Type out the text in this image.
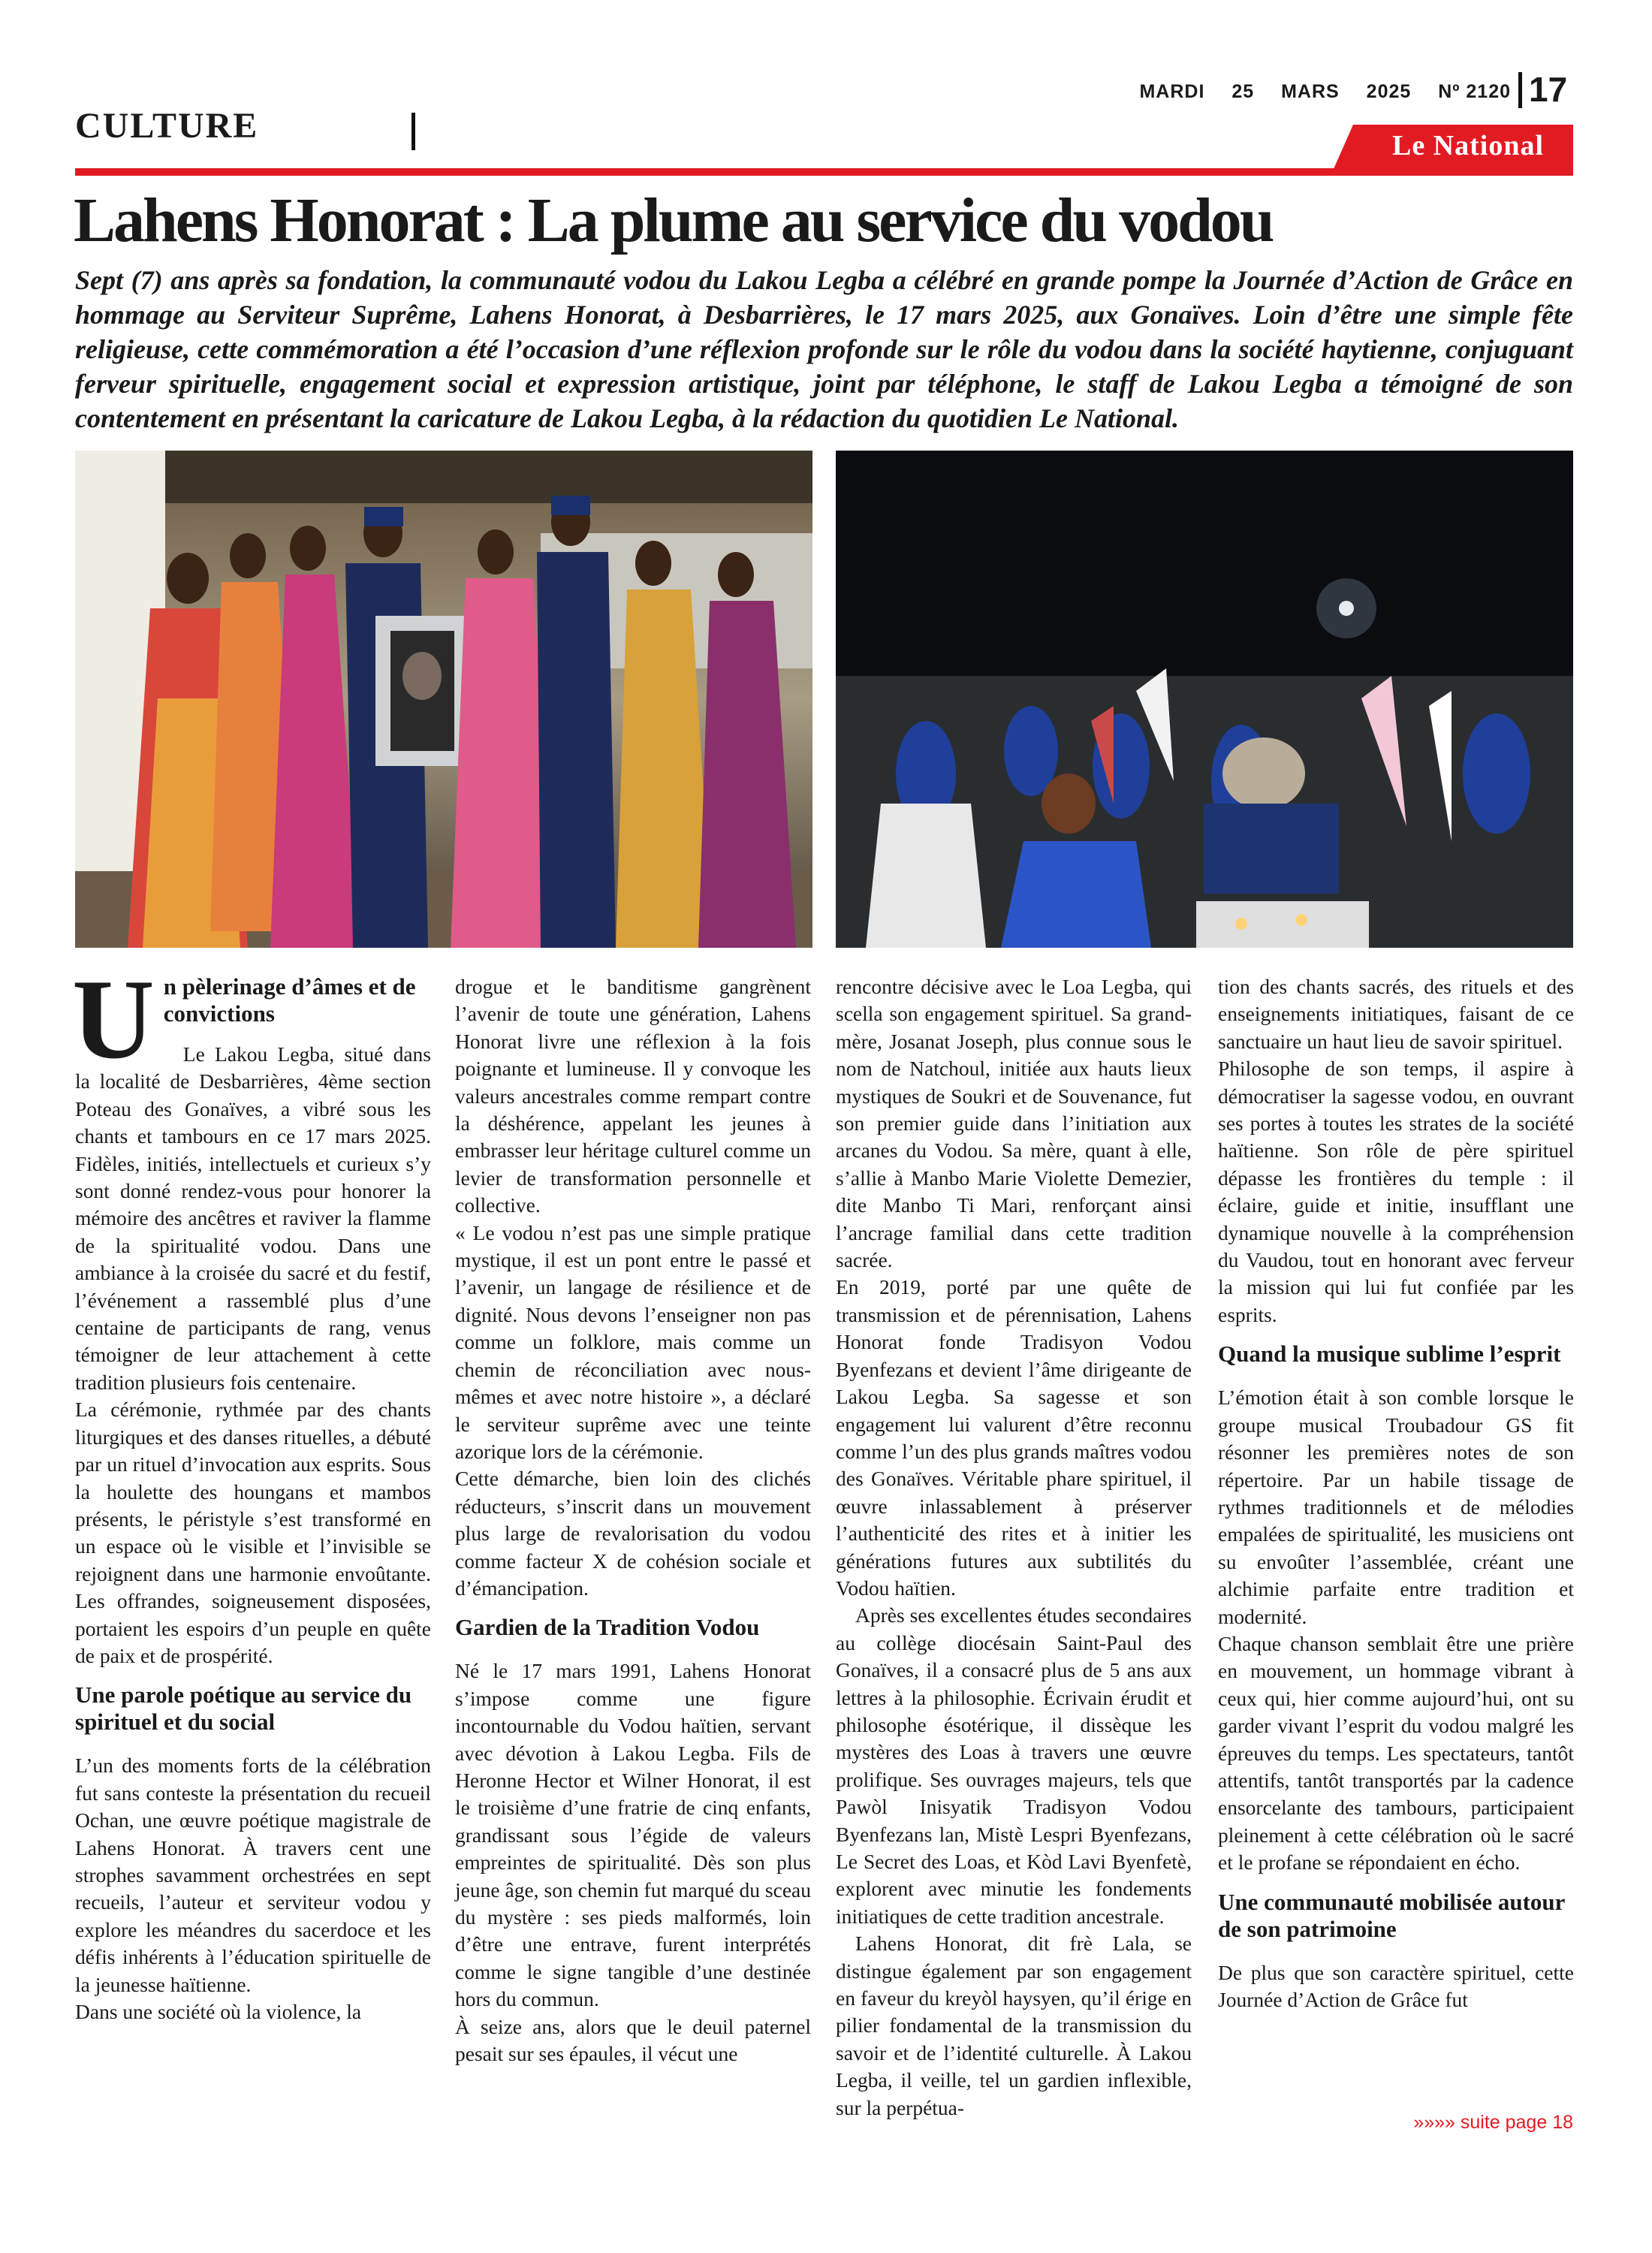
MARDI 25 MARS 2025 Nº 2120 17
CULTURE	Le National
Lahens Honorat : La plume au service du vodou
Sept (7) ans après sa fondation, la communauté vodou du Lakou Legba a célébré en grande pompe la Journée d’Action de Grâce en hommage au Serviteur Suprême, Lahens Honorat, à Desbarrières, le 17 mars 2025, aux Gonaïves. Loin d’être une simple fête religieuse, cette commémoration a été l’occasion d’une réflexion profonde sur le rôle du vodou dans la société haytienne, conjuguant ferveur spirituelle, engagement social et expression artistique, joint par téléphone, le staff de Lakou Legba a témoigné de son contentement en présentant la caricature de Lakou Legba, à la rédaction du quotidien Le National.
U n pèlerinage d’âmes et de convictions

Le Lakou Legba, situé dans la localité de Desbarrières, 4ème section Poteau des Gonaïves, a vibré sous les chants et tambours en ce 17 mars 2025. Fidèles, initiés, intellectuels et curieux s’y sont donné rendez-vous pour honorer la mémoire des ancêtres et raviver la flamme de la spiritualité vodou. Dans une ambiance à la croisée du sacré et du festif, l’événement a rassemblé plus d’une centaine de participants de rang, venus témoigner de leur attachement à cette tradition plusieurs fois centenaire.

La cérémonie, rythmée par des chants liturgiques et des danses rituelles, a débuté par un rituel d’invocation aux esprits. Sous la houlette des houngans et mambos présents, le péristyle s’est transformé en un espace où le visible et l’invisible se rejoignent dans une harmonie envoûtante. Les offrandes, soigneusement disposées, portaient les espoirs d’un peuple en quête de paix et de prospérité.

Une parole poétique au service du spirituel et du social

L’un des moments forts de la célébration fut sans conteste la présentation du recueil Ochan, une œuvre poétique magistrale de Lahens Honorat. À travers cent une strophes savamment orchestrées en sept recueils, l’auteur et serviteur vodou y explore les méandres du sacerdoce et les défis inhérents à l’éducation spirituelle de la jeunesse haïtienne.

Dans une société où la violence, la

drogue et le banditisme gangrènent l’avenir de toute une génération, Lahens Honorat livre une réflexion à la fois poignante et lumineuse. Il y convoque les valeurs ancestrales comme rempart contre la déshérence, appelant les jeunes à embrasser leur héritage culturel comme un levier de transformation personnelle et collective.

« Le vodou n’est pas une simple pratique mystique, il est un pont entre le passé et l’avenir, un langage de résilience et de dignité. Nous devons l’enseigner non pas comme un folklore, mais comme un chemin de réconciliation avec nous-mêmes et avec notre histoire », a déclaré le serviteur suprême avec une teinte azorique lors de la cérémonie.

Cette démarche, bien loin des clichés réducteurs, s’inscrit dans un mouvement plus large de revalorisation du vodou comme facteur X de cohésion sociale et d’émancipation.

Gardien de la Tradition Vodou

Né le 17 mars 1991, Lahens Honorat s’impose comme une figure incontournable du Vodou haïtien, servant avec dévotion à Lakou Legba. Fils de Heronne Hector et Wilner Honorat, il est le troisième d’une fratrie de cinq enfants, grandissant sous l’égide de valeurs empreintes de spiritualité. Dès son plus jeune âge, son chemin fut marqué du sceau du mystère : ses pieds malformés, loin d’être une entrave, furent interprétés comme le signe tangible d’une destinée hors du commun.

À seize ans, alors que le deuil paternel pesait sur ses épaules, il vécut une

rencontre décisive avec le Loa Legba, qui scella son engagement spirituel. Sa grand-mère, Josanat Joseph, plus connue sous le nom de Natchoul, initiée aux hauts lieux mystiques de Soukri et de Souvenance, fut son premier guide dans l’initiation aux arcanes du Vodou. Sa mère, quant à elle, s’allie à Manbo Marie Violette Demezier, dite Manbo Ti Mari, renforçant ainsi l’ancrage familial dans cette tradition sacrée.

En 2019, porté par une quête de transmission et de pérennisation, Lahens Honorat fonde Tradisyon Vodou Byenfezans et devient l’âme dirigeante de Lakou Legba. Sa sagesse et son engagement lui valurent d’être reconnu comme l’un des plus grands maîtres vodou des Gonaïves. Véritable phare spirituel, il œuvre inlassablement à préserver l’authenticité des rites et à initier les générations futures aux subtilités du Vodou haïtien.

Après ses excellentes études secondaires au collège diocésain Saint-Paul des Gonaïves, il a consacré plus de 5 ans aux lettres à la philosophie. Écrivain érudit et philosophe ésotérique, il dissèque les mystères des Loas à travers une œuvre prolifique. Ses ouvrages majeurs, tels que Pawòl Inisyatik Tradisyon Vodou Byenfezans lan, Mistè Lespri Byenfezans, Le Secret des Loas, et Kòd Lavi Byenfetè, explorent avec minutie les fondements initiatiques de cette tradition ancestrale.

Lahens Honorat, dit frè Lala, se distingue également par son engagement en faveur du kreyòl haysyen, qu’il érige en pilier fondamental de la transmission du savoir et de l’identité culturelle. À Lakou Legba, il veille, tel un gardien inflexible, sur la perpétua-

tion des chants sacrés, des rituels et des enseignements initiatiques, faisant de ce sanctuaire un haut lieu de savoir spirituel.

Philosophe de son temps, il aspire à démocratiser la sagesse vodou, en ouvrant ses portes à toutes les strates de la société haïtienne. Son rôle de père spirituel dépasse les frontières du temple : il éclaire, guide et initie, insufflant une dynamique nouvelle à la compréhension du Vaudou, tout en honorant avec ferveur la mission qui lui fut confiée par les esprits.

Quand la musique sublime l’esprit

L’émotion était à son comble lorsque le groupe musical Troubadour GS fit résonner les premières notes de son répertoire. Par un habile tissage de rythmes traditionnels et de mélodies empalées de spiritualité, les musiciens ont su envoûter l’assemblée, créant une alchimie parfaite entre tradition et modernité.

Chaque chanson semblait être une prière en mouvement, un hommage vibrant à ceux qui, hier comme aujourd’hui, ont su garder vivant l’esprit du vodou malgré les épreuves du temps. Les spectateurs, tantôt attentifs, tantôt transportés par la cadence ensorcelante des tambours, participaient pleinement à cette célébration où le sacré et le profane se répondaient en écho.

Une communauté mobilisée autour de son patrimoine

De plus que son caractère spirituel, cette Journée d’Action de Grâce fut

»»»» suite page 18
